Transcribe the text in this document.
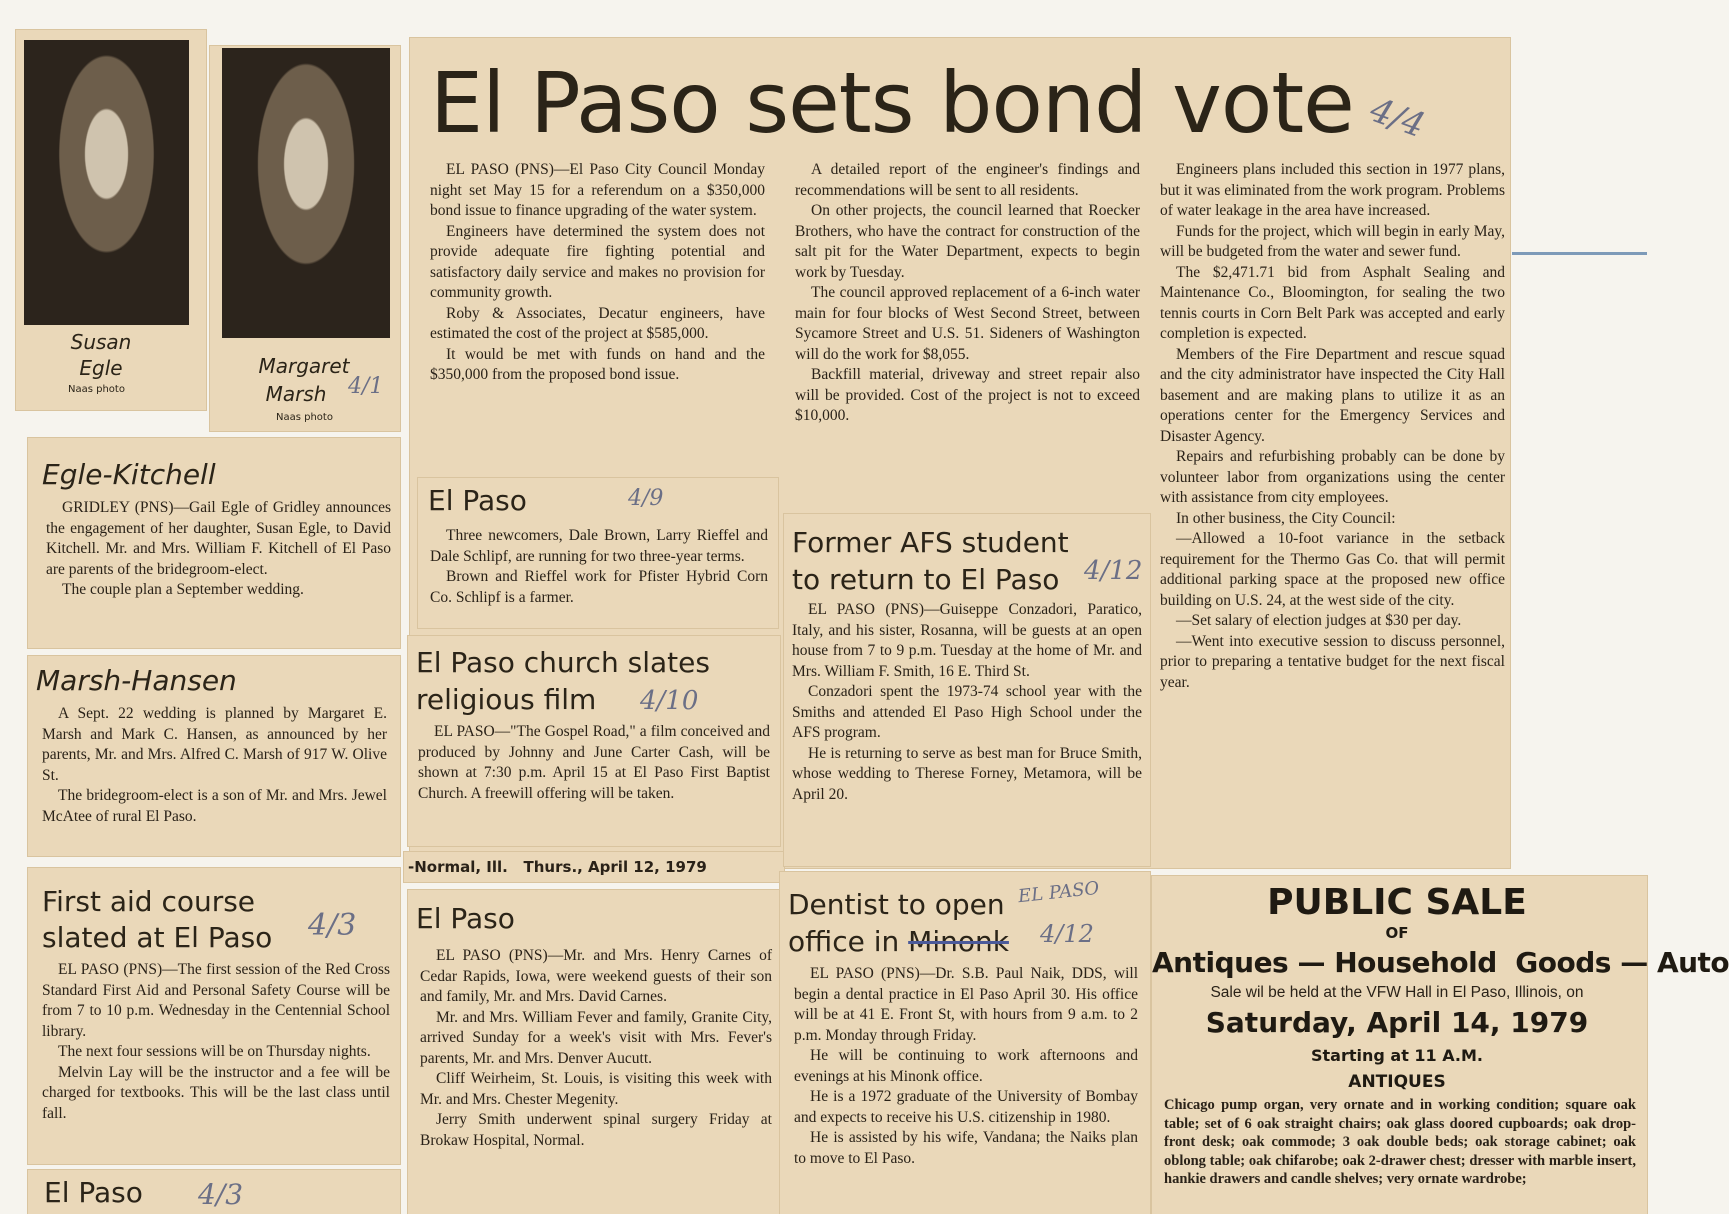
Susan
Egle
Naas photo
Margaret
Marsh 4/1
Naas photo
El Paso sets bond vote 4/4

EL PASO (PNS)—El Paso City Council Monday night set May 15 for a referendum on a $350,000 bond issue to finance upgrading of the water system.

Engineers have determined the system does not provide adequate fire fighting potential and satisfactory daily service and makes no provision for community growth.

Roby & Associates, Decatur engineers, have estimated the cost of the project at $585,000.

It would be met with funds on hand and the $350,000 from the proposed bond issue.

A detailed report of the engineer's findings and recommendations will be sent to all residents.

On other projects, the council learned that Roecker Brothers, who have the contract for construction of the salt pit for the Water Department, expects to begin work by Tuesday.

The council approved replacement of a 6-inch water main for four blocks of West Second Street, between Sycamore Street and U.S. 51. Sideners of Washington will do the work for $8,055.

Backfill material, driveway and street repair also will be provided. Cost of the project is not to exceed $10,000.

Engineers plans included this section in 1977 plans, but it was eliminated from the work program. Problems of water leakage in the area have increased.

Funds for the project, which will begin in early May, will be budgeted from the water and sewer fund.

The $2,471.71 bid from Asphalt Sealing and Maintenance Co., Bloomington, for sealing the two tennis courts in Corn Belt Park was accepted and early completion is expected.

Members of the Fire Department and rescue squad and the city administrator have inspected the City Hall basement and are making plans to utilize it as an operations center for the Emergency Services and Disaster Agency.

Repairs and refurbishing probably can be done by volunteer labor from organizations using the center with assistance from city employees.

In other business, the City Council:

—Allowed a 10-foot variance in the setback requirement for the Thermo Gas Co. that will permit additional parking space at the proposed new office building on U.S. 24, at the west side of the city.

—Set salary of election judges at $30 per day.

—Went into executive session to discuss personnel, prior to preparing a tentative budget for the next fiscal year.

Egle-Kitchell

GRIDLEY (PNS)—Gail Egle of Gridley announces the engagement of her daughter, Susan Egle, to David Kitchell. Mr. and Mrs. William F. Kitchell of El Paso are parents of the bridegroom-elect.

The couple plan a September wedding.

Marsh-Hansen

A Sept. 22 wedding is planned by Margaret E. Marsh and Mark C. Hansen, as announced by her parents, Mr. and Mrs. Alfred C. Marsh of 917 W. Olive St.

The bridegroom-elect is a son of Mr. and Mrs. Jewel McAtee of rural El Paso.

First aid course slated at El Paso	4/3

EL PASO (PNS)—The first session of the Red Cross Standard First Aid and Personal Safety Course will be from 7 to 10 p.m. Wednesday in the Centennial School library.

The next four sessions will be on Thursday nights.

Melvin Lay will be the instructor and a fee will be charged for textbooks. This will be the last class until fall.

El Paso 4/3
El Paso	4/9

Three newcomers, Dale Brown, Larry Rieffel and Dale Schlipf, are running for two three-year terms.

Brown and Rieffel work for Pfister Hybrid Corn Co. Schlipf is a farmer.

El Paso church slates religious film	4/10

EL PASO—"The Gospel Road," a film conceived and produced by Johnny and June Carter Cash, will be shown at 7:30 p.m. April 15 at El Paso First Baptist Church. A freewill offering will be taken.

-Normal, Ill.   Thurs., April 12, 1979
El Paso

EL PASO (PNS)—Mr. and Mrs. Henry Carnes of Cedar Rapids, Iowa, were weekend guests of their son and family, Mr. and Mrs. David Carnes.

Mr. and Mrs. William Fever and family, Granite City, arrived Sunday for a week's visit with Mrs. Fever's parents, Mr. and Mrs. Denver Aucutt.

Cliff Weirheim, St. Louis, is visiting this week with Mr. and Mrs. Chester Megenity.

Jerry Smith underwent spinal surgery Friday at Brokaw Hospital, Normal.

Former AFS student to return to El Paso 4/12

EL PASO (PNS)—Guiseppe Conzadori, Paratico, Italy, and his sister, Rosanna, will be guests at an open house from 7 to 9 p.m. Tuesday at the home of Mr. and Mrs. William F. Smith, 16 E. Third St.

Conzadori spent the 1973-74 school year with the Smiths and attended El Paso High School under the AFS program.

He is returning to serve as best man for Bruce Smith, whose wedding to Therese Forney, Metamora, will be April 20.

Dentist to open
office in Minonk
EL PASO
4/12

EL PASO (PNS)—Dr. S.B. Paul Naik, DDS, will begin a dental practice in El Paso April 30. His office will be at 41 E. Front St, with hours from 9 a.m. to 2 p.m. Monday through Friday.

He will be continuing to work afternoons and evenings at his Minonk office.

He is a 1972 graduate of the University of Bombay and expects to receive his U.S. citizenship in 1980.

He is assisted by his wife, Vandana; the Naiks plan to move to El Paso.

PUBLIC SALE
OF
Antiques — Household  Goods — Auto
Sale wil be held at the VFW Hall in El Paso, Illinois, on
Saturday, April 14, 1979
Starting at 11 A.M.
ANTIQUES
Chicago pump organ, very ornate and in working condition; square oak table; set of 6 oak straight chairs; oak glass doored cupboards; oak drop-front desk; oak commode; 3 oak double beds; oak storage cabinet; oak oblong table; oak chifarobe; oak 2-drawer chest; dresser with marble insert, hankie drawers and candle shelves; very ornate wardrobe;
